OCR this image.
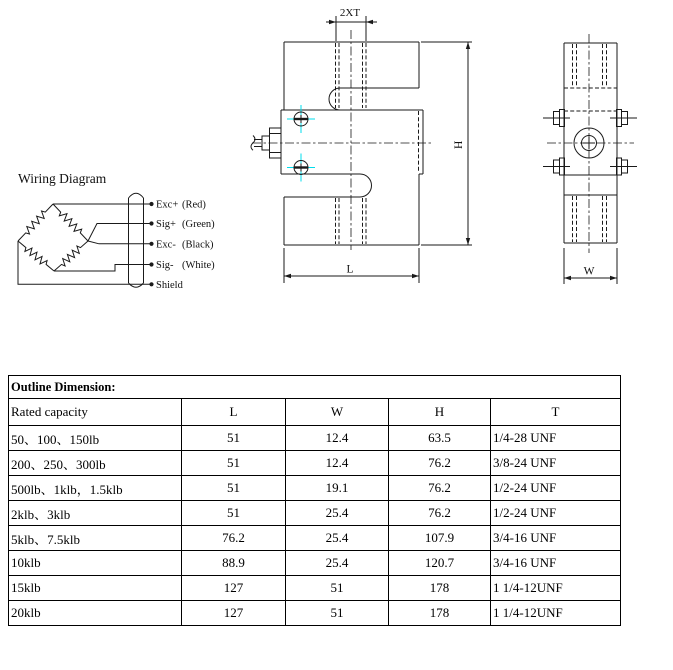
Wiring Diagram
Exc+ (Red)
Sig+ (Green)
Exc- (Black)
Sig- (White)
Shield
2XT
H
L	W
Outline Dimension:				
Rated capacity	L	W	H	T
50、100、150lb	51	12.4	63.5	1/4-28 UNF
200、250、300lb	51	12.4	76.2	3/8-24 UNF
500lb、1klb，1.5klb	51	19.1	76.2	1/2-24 UNF
2klb、3klb	51	25.4	76.2	1/2-24 UNF
5klb、7.5klb	76.2	25.4	107.9	3/4-16 UNF
10klb	88.9	25.4	120.7	3/4-16 UNF
15klb	127	51	178	1 1/4-12UNF
20klb	127	51	178	1 1/4-12UNF
